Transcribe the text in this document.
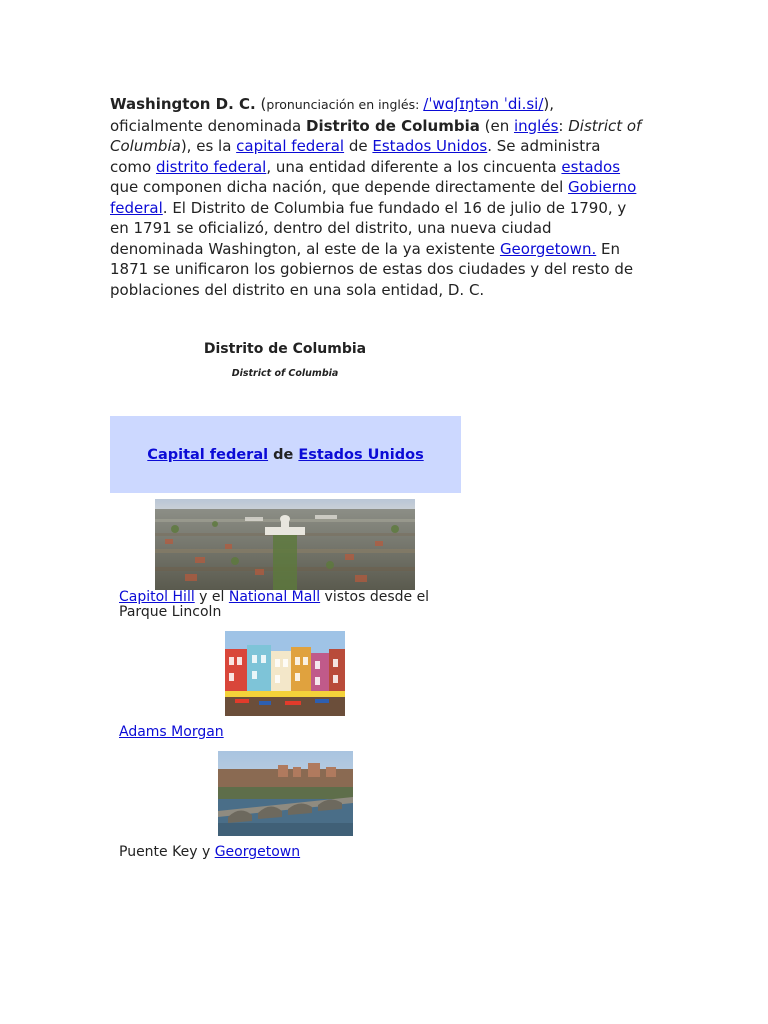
Washington D. C. (pronunciación en inglés: /ˈwɑʃɪŋtən ˈdi.si/), oficialmente denominada Distrito de Columbia (en inglés: District of Columbia), es la capital federal de Estados Unidos. Se administra como distrito federal, una entidad diferente a los cincuenta estados que componen dicha nación, que depende directamente del Gobierno federal. El Distrito de Columbia fue fundado el 16 de julio de 1790, y en 1791 se oficializó, dentro del distrito, una nueva ciudad denominada Washington, al este de la ya existente Georgetown. En 1871 se unificaron los gobiernos de estas dos ciudades y del resto de poblaciones del distrito en una sola entidad, D. C.
Distrito de Columbia
District of Columbia
Capital federal de Estados Unidos
Capitol Hill y el National Mall vistos desde el Parque Lincoln
Adams Morgan
Puente Key y Georgetown
